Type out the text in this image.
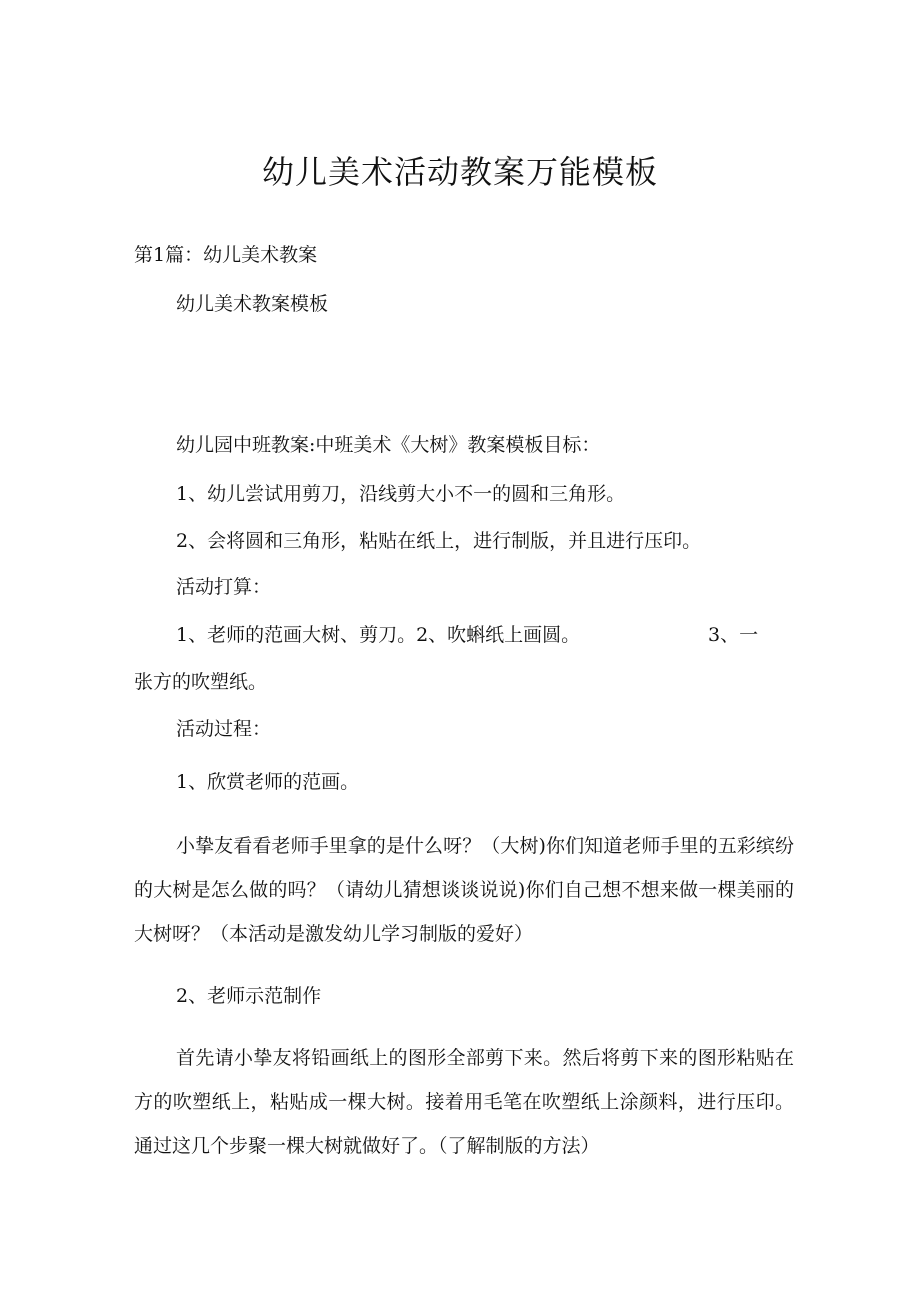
幼儿美术活动教案万能模板
第1篇：幼儿美术教案
幼儿美术教案模板
幼儿园中班教案:中班美术《大树》教案模板目标：
1、幼儿尝试用剪刀，沿线剪大小不一的圆和三角形。
2、会将圆和三角形，粘贴在纸上，进行制版，并且进行压印。
活动打算：
1、老师的范画大树、剪刀。2、吹蝌纸上画圆。	3、一
张方的吹塑纸。
活动过程：
1、欣赏老师的范画。
小挚友看看老师手里拿的是什么呀？（大树)你们知道老师手里的五彩缤纷的大树是怎么做的吗？（请幼儿猜想谈谈说说)你们自己想不想来做一棵美丽的大树呀？（本活动是激发幼儿学习制版的爱好）
2、老师示范制作
首先请小挚友将铅画纸上的图形全部剪下来。然后将剪下来的图形粘贴在方的吹塑纸上，粘贴成一棵大树。接着用毛笔在吹塑纸上涂颜料，进行压印。通过这几个步聚一棵大树就做好了。（了解制版的方法）
